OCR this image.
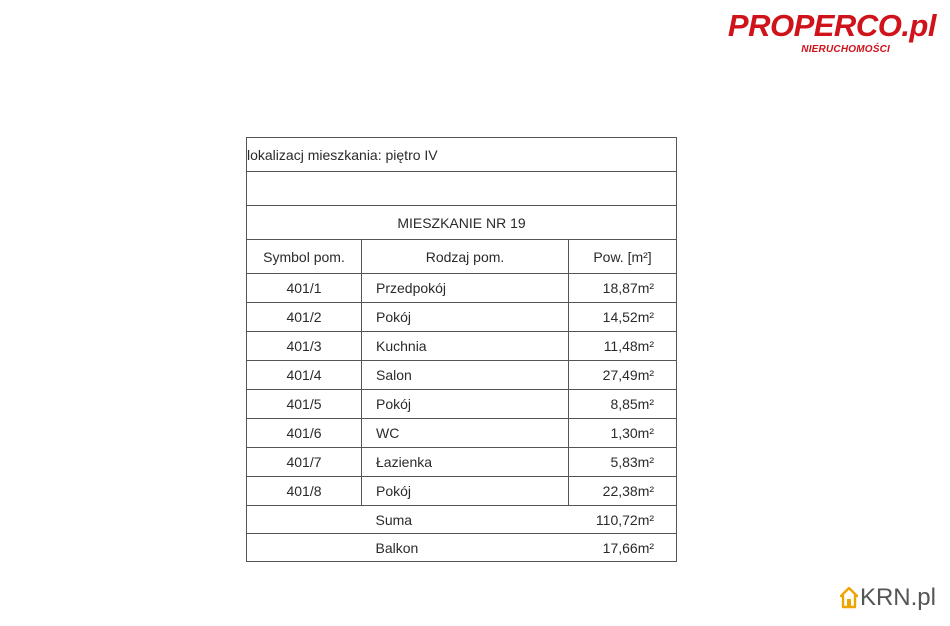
PROPERCO.pl
NIERUCHOMOŚCI
lokalizacj mieszkania: piętro IV		

MIESZKANIE NR 19		
Symbol pom.	Rodzaj pom.	Pow. [m²]
401/1	Przedpokój	18,87m²
401/2	Pokój	14,52m²
401/3	Kuchnia	11,48m²
401/4	Salon	27,49m²
401/5	Pokój	8,85m²
401/6	WC	1,30m²
401/7	Łazienka	5,83m²
401/8	Pokój	22,38m²
	Suma	110,72m²
	Balkon	17,66m²
KRN.pl
